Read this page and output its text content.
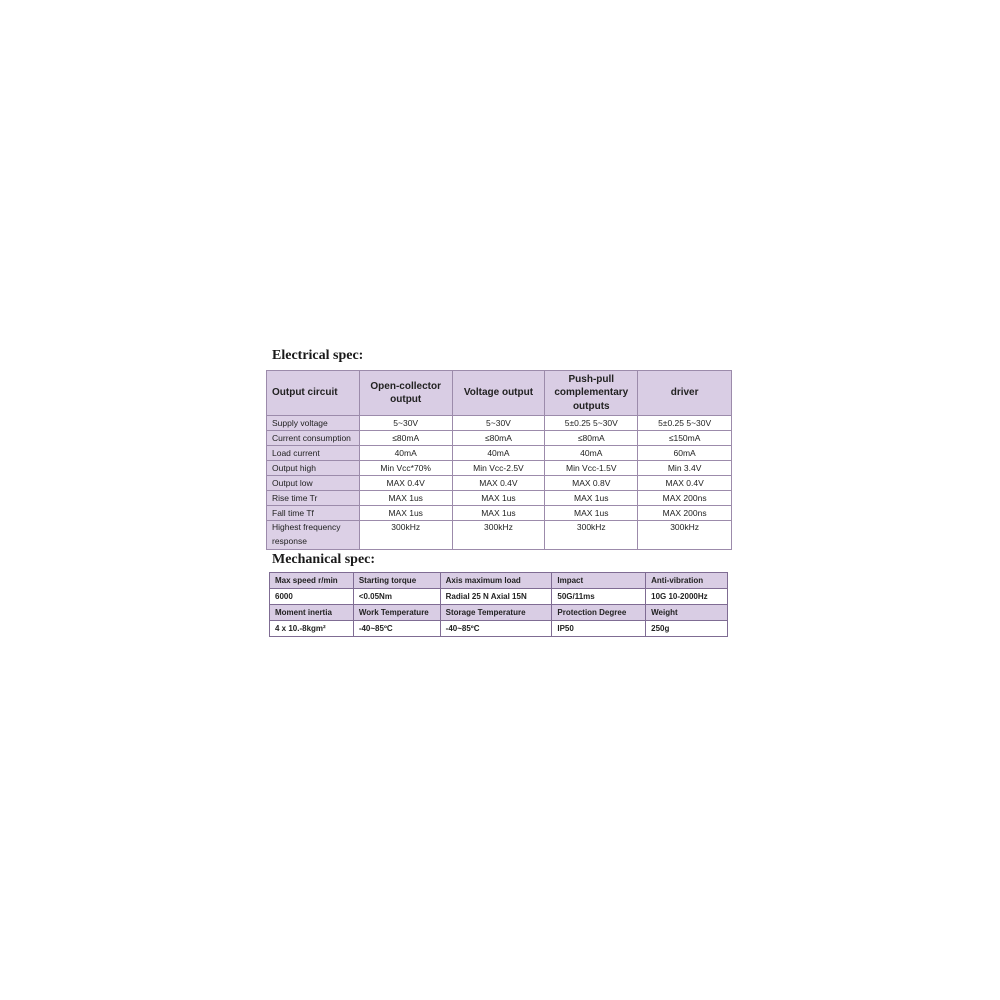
Electrical spec:
Output circuit	Open-collector output	Voltage output	Push-pull complementary outputs	driver
Supply voltage	5~30V	5~30V	5±0.25 5~30V	5±0.25 5~30V
Current consumption	≤80mA	≤80mA	≤80mA	≤150mA
Load current	40mA	40mA	40mA	60mA
Output high	Min Vcc*70%	Min Vcc-2.5V	Min Vcc-1.5V	Min 3.4V
Output low	MAX 0.4V	MAX 0.4V	MAX 0.8V	MAX 0.4V
Rise time Tr	MAX 1us	MAX 1us	MAX 1us	MAX 200ns
Fall time Tf	MAX 1us	MAX 1us	MAX 1us	MAX 200ns
Highest frequency response	300kHz	300kHz	300kHz	300kHz
Mechanical spec:
Max speed r/min	Starting torque	Axis maximum load	Impact	Anti-vibration
6000	<0.05Nm	Radial 25 N Axial 15N	50G/11ms	10G 10-2000Hz
Moment inertia	Work Temperature	Storage Temperature	Protection Degree	Weight
4 x 10.-8kgm²	-40~85ºC	-40~85ºC	IP50	250g
